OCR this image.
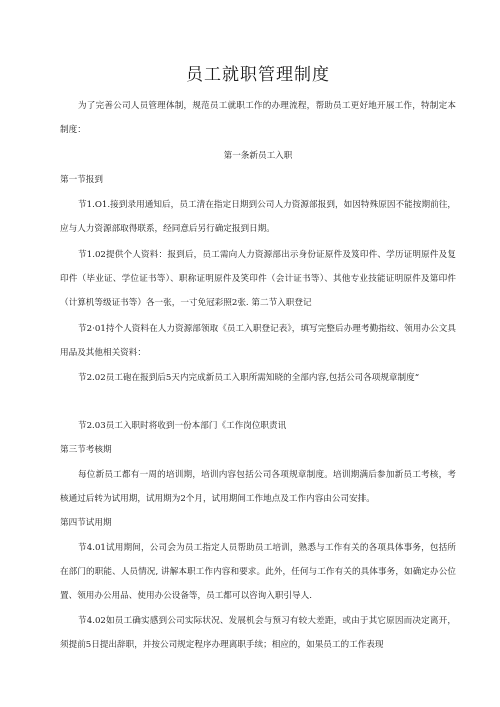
员工就职管理制度

为了完善公司人员管理体制，规范员工就职工作的办理流程，帮助员工更好地开展工作，特制定本制度：

第一条新员工入职

第一节报到

节1.O1.接到录用通知后，员工清在指定日期到公司人力资源部报到，如因特殊原因不能按期前往，应与人力资源部取得联系，经同意后另行确定报到日期。

节1.02提供个人资料：报到后，员工需向人力资源部出示身份证原件及笈印件、学历证明原件及复印件（毕业证、学位证书等）、职称证明原件及笑印件（会计证书等）、其他专业技能证明原件及第印件（计算机等级证书等）各一张，一寸免冠彩照2张. 第二节入职登记

节2·01持个人资料在人力资源部领取《员工入职登记表》，填写完整后办理考勤指纹、领用办公文具用品及其他相关资料：

节2.02员工砲在报到后5天内完成新员工入职所需知晓的全部内容,包括公司各项规章制度“

节2.03员工入职时将收到一份本部门《工作岗位职责讯

第三节考核期

每位新员工都有一周的培训期，培训内容包括公司各项规章制度。培训期满后参加新员工考核，考核通过后转为试用期，试用期为2个月，试用期间工作地点及工作内容由公司安排。

第四节试用期

节4.01试用期间，公司会为员工指定人员帮助员工培训，熟悉与工作有关的各项具体事务，包括所在部门的职能、人员情况, 讲解本职工作内容和要求。此外，任何与工作有关的具体事务，如确定办公位置、领用办公用品、使用办公设备等，员工都可以咨询入职引导人.

节4.02如员工确实感到公司实际状况、发展机会与预习有较大差距，或由于其它原因而决定离开，须提前5日提出辞职，并按公司规定程序办理离职手续；相应的，如果员工的工作表现
